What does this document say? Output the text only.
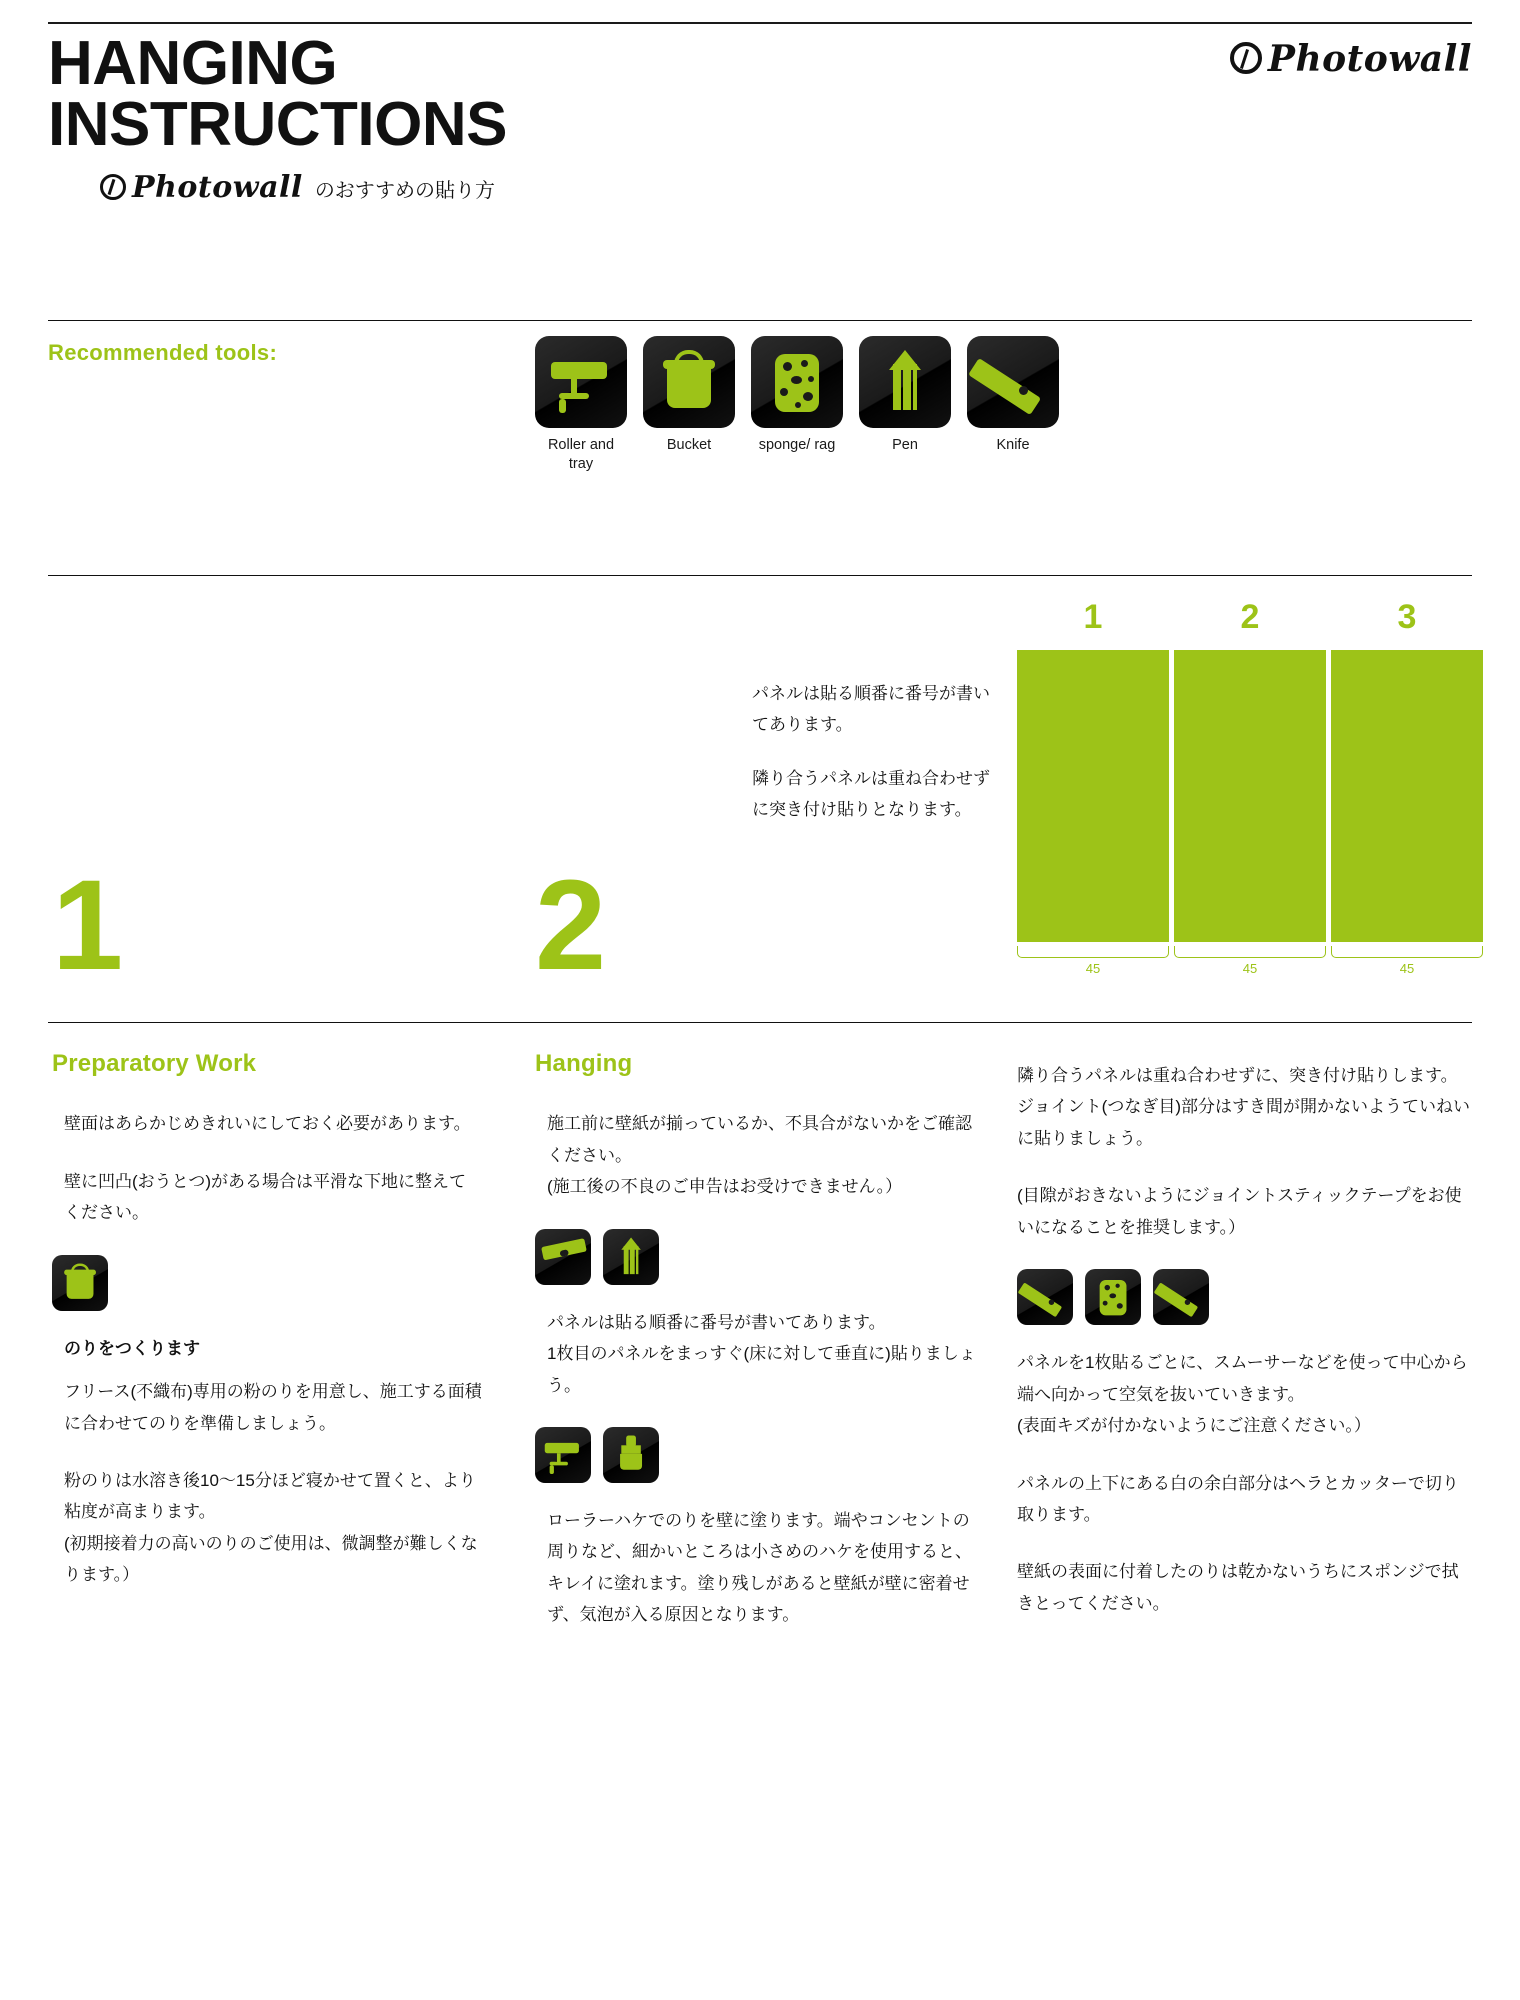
HANGING
INSTRUCTIONS
Photowall のおすすめの貼り方
Photowall
Recommended tools:
Roller and tray
Bucket	sponge/ rag	Pen	Knife
1	2

パネルは貼る順番に番号が書いてあります。

隣り合うパネルは重ね合わせずに突き付け貼りとなります。

1	2	3
45	45	45
Preparatory Work

壁面はあらかじめきれいにしておく必要があります。

壁に凹凸(おうとつ)がある場合は平滑な下地に整えてください。

のりをつくります

フリース(不織布)専用の粉のりを用意し、施工する面積に合わせてのりを準備しましょう。

粉のりは水溶き後10〜15分ほど寝かせて置くと、より粘度が高まります。

(初期接着力の高いのりのご使用は、微調整が難しくなります。）

Hanging

施工前に壁紙が揃っているか、不具合がないかをご確認ください。

(施工後の不良のご申告はお受けできません。）

パネルは貼る順番に番号が書いてあります。

1枚目のパネルをまっすぐ(床に対して垂直に)貼りましょう。

ローラーハケでのりを壁に塗ります。端やコンセントの周りなど、細かいところは小さめのハケを使用すると、キレイに塗れます。塗り残しがあると壁紙が壁に密着せず、気泡が入る原因となります。

隣り合うパネルは重ね合わせずに、突き付け貼りします。ジョイント(つなぎ目)部分はすき間が開かないようていねいに貼りましょう。

(目隙がおきないようにジョイントスティックテープをお使いになることを推奨します。）

パネルを1枚貼るごとに、スムーサーなどを使って中心から端へ向かって空気を抜いていきます。

(表面キズが付かないようにご注意ください。）

パネルの上下にある白の余白部分はヘラとカッターで切り取ります。

壁紙の表面に付着したのりは乾かないうちにスポンジで拭きとってください。
